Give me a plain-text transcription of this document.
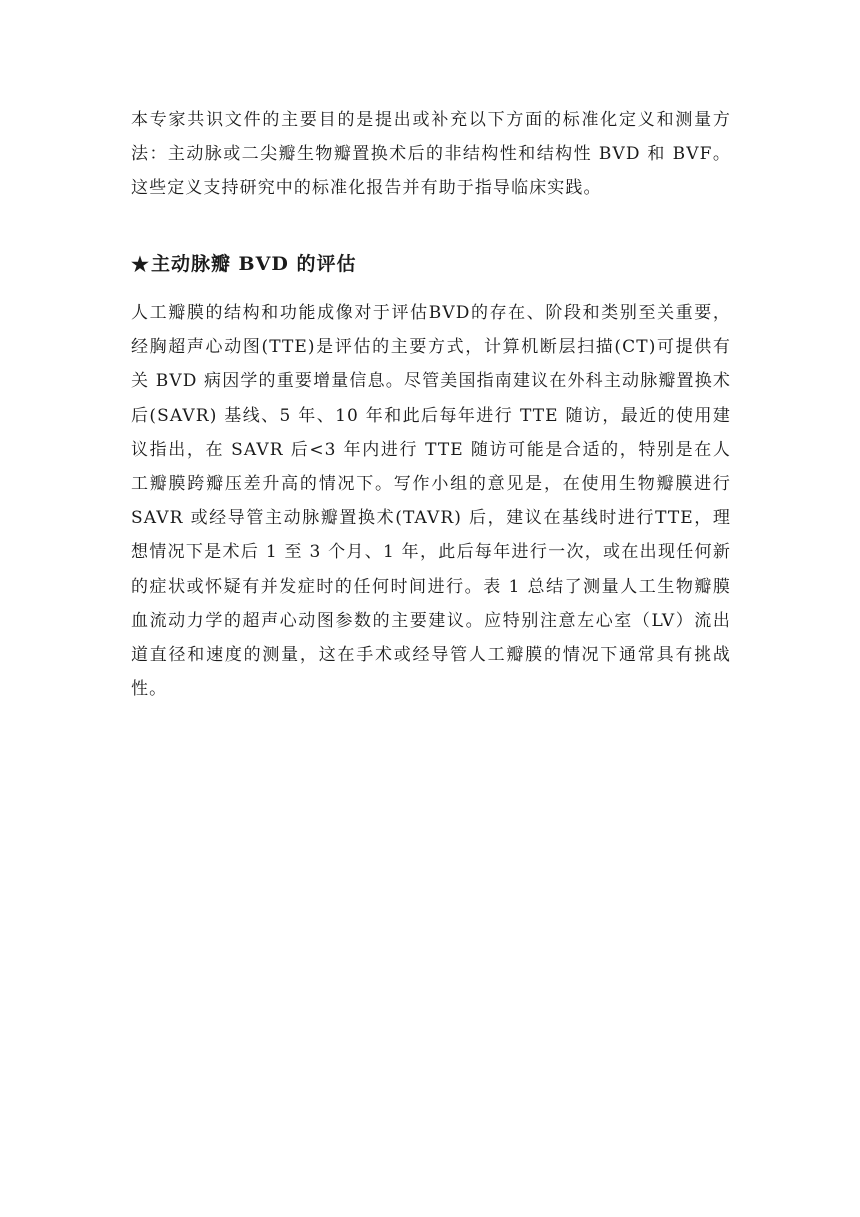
本专家共识文件的主要目的是提出或补充以下方面的标准化定义和测量方法：主动脉或二尖瓣生物瓣置换术后的非结构性和结构性 BVD 和 BVF。这些定义支持研究中的标准化报告并有助于指导临床实践。

★ 主动脉瓣 BVD 的评估

人工瓣膜的结构和功能成像对于评估BVD的存在、阶段和类别至关重要，经胸超声心动图(TTE)是评估的主要方式，计算机断层扫描(CT)可提供有关 BVD 病因学的重要增量信息。尽管美国指南建议在外科主动脉瓣置换术后(SAVR) 基线、5 年、10 年和此后每年进行 TTE 随访，最近的使用建议指出，在 SAVR 后<3 年内进行 TTE 随访可能是合适的，特别是在人工瓣膜跨瓣压差升高的情况下。写作小组的意见是，在使用生物瓣膜进行 SAVR 或经导管主动脉瓣置换术(TAVR) 后，建议在基线时进行TTE，理想情况下是术后 1 至 3 个月、1 年，此后每年进行一次，或在出现任何新的症状或怀疑有并发症时的任何时间进行。表 1 总结了测量人工生物瓣膜血流动力学的超声心动图参数的主要建议。应特别注意左心室（LV）流出道直径和速度的测量，这在手术或经导管人工瓣膜的情况下通常具有挑战性。
